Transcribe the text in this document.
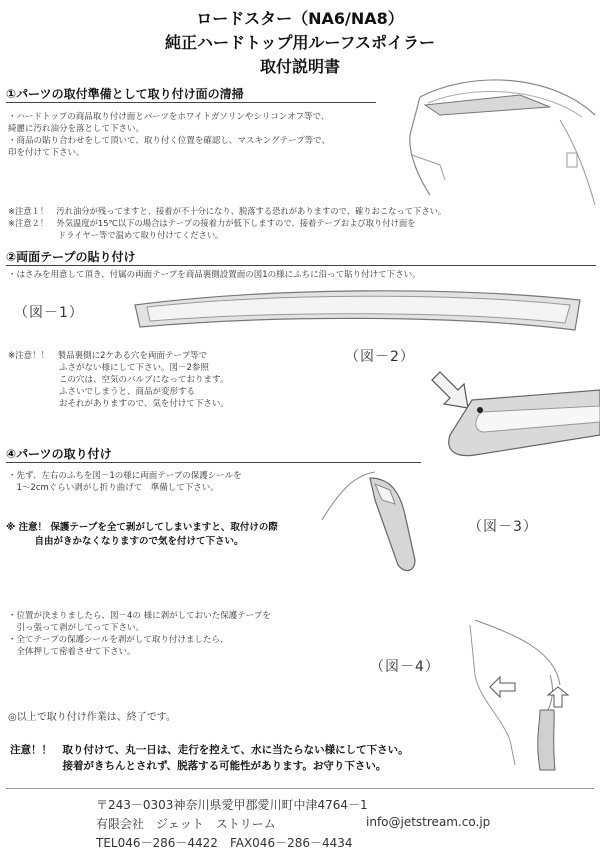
ロードスター（NA6/NA8）
純正ハードトップ用ルーフスポイラー
取付説明書
①パーツの取付準備として取り付け面の清掃

・ハードトップの商品取り付け面とパーツをホワイトガソリンやシリコンオフ等で、

綺麗に汚れ油分を落として下さい。

・商品の貼り合わせをして頂いて、取り付く位置を確認し、マスキングテープ等で、

印を付けて下さい。

※注意１！　汚れ油分が残ってますと、接着が不十分になり、脱落する恐れがありますので、確りおこなって下さい。

※注意２！　外気温度が15℃以下の場合はテープの接着力が低下しますので、接着テープおよび取り付け面を

　　　　　　ドライヤー等で温めて取り付けてください。

②両面テープの貼り付け
・はさみを用意して頂き、付属の両面テープを商品裏側設置面の図1の様にふちに沿って貼り付けて下さい。
（図－1）
（図－2）

※注意！！　製品裏側に2ケある穴を両面テープ等で

　　　　　　ふさがない様にして下さい。図－2参照

　　　　　　この穴は、空気のバルブになっております。

　　　　　　ふさいでしまうと、商品が変形する

　　　　　　おそれがありますので、気を付けて下さい。

④パーツの取り付け

・先ず、左右のふちを図－1の様に両面テープの保護シールを

　1～2cmぐらい剥がし折り曲げて　準備して下さい。

※ 注意！ 保護テープを全て剥がしてしまいますと、取付けの際

　　　自由がきかなくなりますので気を付けて下さい。

（図－3）

・位置が決まりましたら、図－4の 様に剥がしておいた保護テープを

　引っ張って剥がしてって下さい。

・全てテープの保護シールを剥がして取り付けましたら、

　全体押して密着させて下さい。

（図－4）
◎以上で取り付け作業は、終了です。

注意！！　取り付けて、丸一日は、走行を控えて、水に当たらない様にして下さい。

　　　　　接着がきちんとされず、脱落する可能性があります。お守り下さい。

〒243－0303神奈川県愛甲郡愛川町中津4764－1
有限会社　ジェット　ストリーム	info@jetstream.co.jp
TEL046－286－4422　FAX046－286－4434
